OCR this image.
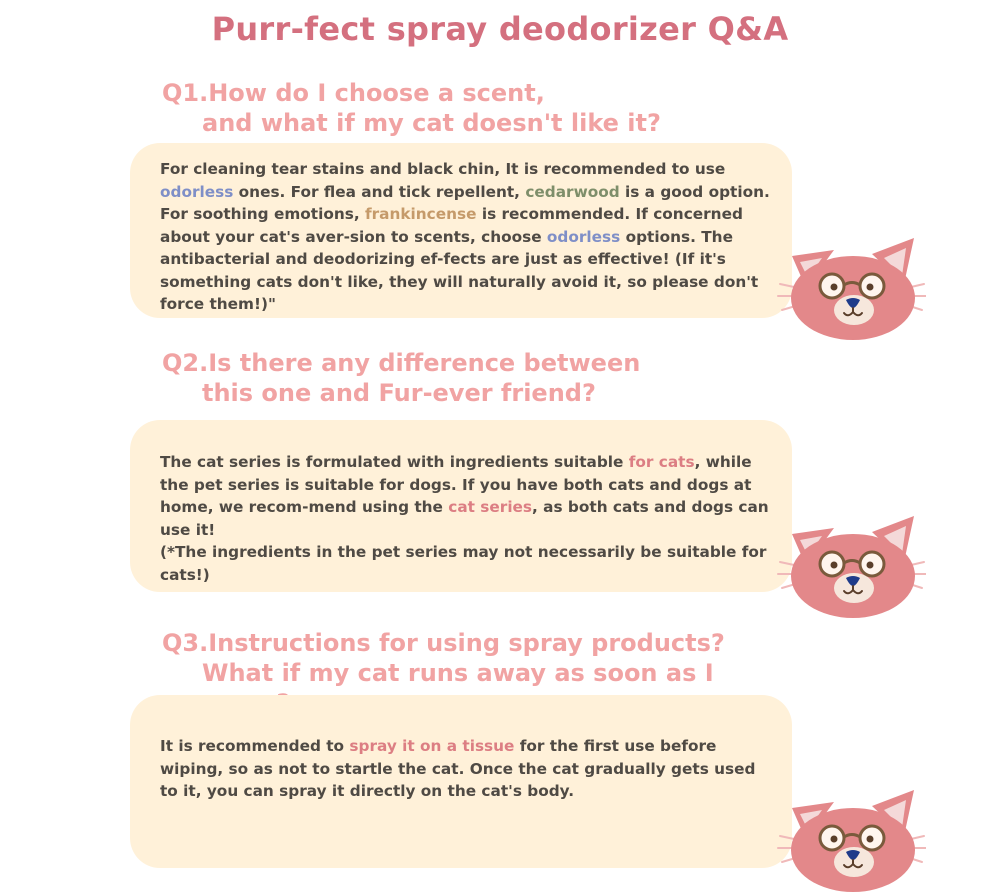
Purr-fect spray deodorizer Q&A
Q1.How do I choose a scent,
and what if my cat doesn't like it?
For cleaning tear stains and black chin, It is recommended to use odorless ones. For flea and tick repellent, cedarwood is a good option. For soothing emotions, frankincense is recommended. If concerned about your cat's aver-sion to scents, choose odorless options. The antibacterial and deodorizing ef-fects are just as effective! (If it's something cats don't like, they will naturally avoid it, so please don't force them!)"
Q2.Is there any difference between
this one and Fur-ever friend?
The cat series is formulated with ingredients suitable for cats, while the pet series is suitable for dogs. If you have both cats and dogs at home, we recom-mend using the cat series, as both cats and dogs can use it!
(*The ingredients in the pet series may not necessarily be suitable for cats!)
Q3.Instructions for using spray products?
What if my cat runs away as soon as I
It is recommended to spray it on a tissue for the first use before wiping, so as not to startle the cat. Once the cat gradually gets used to it, you can spray it directly on the cat's body.
